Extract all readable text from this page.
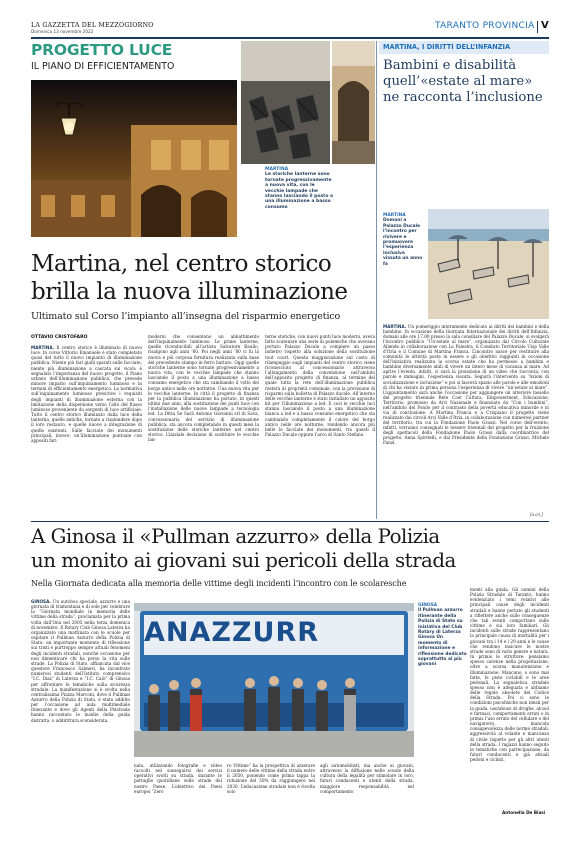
LA GAZZETTA DEL MEZZOGIORNO
Domenica 13 novembre 2022
TARANTO PROVINCIA V
PROGETTO LUCE
IL PIANO DI EFFICIENTAMENTO
MARTINA
Le storiche lanterne sono tornate progressivamente a nuova vita, con le vecchie lampade che stanno lasciando il posto a una illuminazione a basso consumo
MARTINA, I DIRITTI DELL’INFANZIA
Bambini e disabilità
quell’«estate al mare»
ne racconta l’inclusione
MARTINA
Domani a Palazzo Ducale l’incontro per rivivere e promuovere l’esperienza inclusiva vissuta un anno fa
MARTINA. Un pomeriggio interamente dedicato ai diritti dei bambini e della bambine. In occasione della Giornata Internazionale dei diritti dell’Infanzia, domani alle ore 17.00 presso la sala consiliare del Palazzo Ducale, si svolgerà l’incontro pubblico “Un’estate al mare”, organizzato dal Circolo Culturale Aliende in collaborazione con La Palestra, il Comitato Territoriale Uisp Valle d’Itria e il Comune di Martina Franca. L’incontro nasce per restituire alla comunità le attività poste in essere e gli obiettivi raggiunti in occasione dell’iniziativa realizzata la scorsa estate che ha permesso a bambini e bambine diversamente abili di vivere un intero mese di vacanza al mare. Ad aprire l’evento, infatti, ci sarà la proiezione di un video che racconta, con parole e immagini, l’esperienza vissuta. Seguirà l’intervento su “Azioni di socializzazione e inclusione” e poi si lascerà spazio alle parole e alle emozioni di chi ha vissuto in prima persona l’esperienza di vivere “un’estate al mare”. L’appuntamento sarà anche l’occasione per aggiungere un ulteriore tassello del progetto triennale Rete Cost Cultura. Empowerment, Educazione, Territorio, promosso da Arci Nazionale e finanziato da “Con i bambini”, nell’ambito del Fondo per il contrasto della povertà educativa minorile e in via di conclusione. A Martina Franca e a Crispiano il progetto viene realizzato dai circoli Arci Valle d’Itria, in collaborazione con numerosi partner del territorio, tra cui la Fondazione Paolo Grassi. Nel corso dell’evento, infatti, verranno consegnati le tessere triennali del progetto per la fruizione degli spettacoli della Fondazione Paolo Grassi dalla coordinatrice del progetto, Anna Spiritelli, e dal Presidente della Fondazione Grassi, Michele Panzi.
[a.cri.]
Martina, nel centro storico
brilla la nuova illuminazione
Ultimato sul Corso l’impianto all’insegna del risparmio energetico
OTTAVIO CRISTOFARO
MARTINA. Il centro storico è illuminato di nuovo luce. In corso Vittorio Emanuele è stato completato quasi del tutto il nuovo impianto di illuminazione pubblica. Niente più fari gialli sparati sulle facciate, niente più illuminazione a cascata sui vicoli: è segnalato l’importanza del nuovo progetto, il Piano urbano dell’illuminazione pubblica, che prevede minore impatto sull’inquinamento luminoso e in termini di efficientamento energetico. La normativa sull’inquinamento luminoso prescrive i requisiti degli impianti di illuminazione esterna con la limitazione della dispersione verso l’alto del flusso luminoso proveniente da sorgenti di luce artificiale. Tutto il centro storico illuminato dalla luce della lanterna, quelle antiche, tornate a risplendere dopo il loro restauro, e quelle nuove a integrazione di quelle esistenti. Sulle facciate dei monumenti principali, invece, un’illuminazione puntuale con appositi fari
moderni che consentono un abbattimento dell’inquinamento luminoso. Le prime lanterne, quelle riconducibili all’artista Salvatore Baulio, risalgono agli anni ’60. Poi negli anni ’80 ci fu la nuova e più corposa fornitura realizzata sulla base del precedente stampo in ferro battuto. Oggi quelle storiche lanterne sono tornate progressivamente a nuova vita, con le vecchie lampade che stanno lasciando il posto a una illuminazione a basso consumo energetico che sta cambiando il volto del borgo antico nelle ore notturne. Una nuova vita per le vecchie lanterne. In città il progetto di finanza per la pubblica illuminazione ha portato, in questi ultimi due anni, alla sostituzione dei punti luce con l’installazione delle nuove lampade a tecnologia led. La Ditta Se Sarà Antonio Giovanni srl di Sava, concessionaria del servizio di illuminazione pubblica, sta ancora completando in questi mesi la sostituzione delle storiche lanterne nel centro storico. L’iniziale decisione di sostituire le vecchie lan-
terne storiche, con nuovi punti luce moderni, aveva fatto scatenare una serie di polemiche che avevano portato Palazzo Ducale a compiere un passo indietro rispetto alla soluzione della sostituzione tout court. Questa maggiorazione sul costo di rilampeggio sugli impianti del centro storico viene riconosciuto al concessionario attraverso l’allungamento della convenzione nell’ambito dell’apposito progetto di finanza, al termine del quale tutta la rete dell’illuminazione pubblica resterà di proprietà comunale, con la previsione di risparmi sulla bolletta di Palazzo ducale. All’interno delle vecchie lanterne è stato installato un apposito kit per l’illuminazione a led. E così le vecchie luci stanno lasciando il posto a una illuminazione bianca a led e a basso consumo energetico che sta cambiando completamente il colore del borgo antico nelle ore notturne, rendendo ancora più belle le facciate dei monumenti, tra questi il Palazzo Ducale oppure l’arco di Santo Stefano.
A Ginosa il «Pullman azzurro» della Polizia
un monito ai giovani sui pericoli della strada
Nella Giornata dedicata alla memoria delle vittime degli incidenti l’incontro con le scolaresche
GINOSA. Un autobus speciale, azzurro e una giornata di tramontana e di sole per celebrare la “Giornata mondiale in memoria delle vittime della strada”, proclamata per la prima volta dall’Onu nel 2005 nella terza domenica di novembre. Il Rotary Club Ginosa Laterza ha organizzato una mattinata con le scuole per ospitare il Pullman Azzurro della Polizia di Stato: un importante momento di riflessione sui tristi e purtroppo sempre attuali fenomeni degli incidenti stradali, nonché occasione per non dimenticare chi ha perso la vita sulle strade. La Polizia di Stato, affiancata dal vice questore Francesco Salmeri, ha incontrato numerosi studenti dell’Istituto comprensivo “I.C. Diaz” di Laterza e “I.C. Calò” di Ginosa per affrontare le tematiche sulla sicurezza stradale. La manifestazione si è svolta nella centralissima Piazza Marconi, dove il Pullman Azzurro della Polizia di Stato, è stato adibito per l’occasione ad aula multimediale itinerante e dove gli Agenti della Polstrada hanno raccontato le insidie della guida distratta, o addirittura sconsiderata,
ANAZZURR
GINOSA
Il Pullman azzurro itinerante della Polizia di Stato su iniziativa del Club Rotary di Laterza Ginosa Un momento di informazione e riflessione dedicato soprattutto ai più giovani
nata, utilizzando fotografie e video raccolti nel susseguirsi dei servizi operativi svolti su strada, durante le pattuglie quotidiane sulle strade del nostro Paese. L’obiettivo dei Paesi europei “Zero
ro Vittime” ha la prospettiva di azzerare il numero delle vittime della strada entro il 2050, ponendo come prima tappa la riduzione del 50% da raggiungere nel 2030. L’educazione stradale non è rivolta solo
agli automobilisti, ma anche ai giovani, attraverso la diffusione nelle scuole della cultura della legalità per stimolare in loro, futuri conducenti e utenti della strada, maggiore responsabilità nel comportamento
menti alla guida. Gli uomini della Polizia Stradale di Taranto, hanno evidenziato i temi relativi alle principali cause degli incidenti stradali e hanno portato gli studenti a riflettere anche sulle conseguenze che tali eventi comportano sulle vittime e sui loro familiari. Gli incidenti sulle strade rappresentano la principale causa di mortalità per i giovani tra i 14 e i 29 anni e le cause che rendono insicure le nostre strade sono di vario genere e natura. In primis le strutture: pensiamo spesso carenze nella progettazione, oltre a scarsa manutenzione e illuminazione. Mancano, o sono mal fatte, le piste ciclabili e le aree pedonali. La segnaletica stradale spesso non è adeguata e abbiamo delle regole obsolete del Codice della Strada. Poi ci sono le condizioni psicofisiche non ideali per la guida, uso/abuso di droghe, alcool e farmaci, comportamenti errati o in primis l’uso errato del cellulare o del navigatore), mancata consapevolezza delle norme stradali, aggressività al volante e mancanza di civile rispetto per gli altri utenti della strada. I ragazzi hanno seguito le tematiche con partecipazione, da futuri conducenti e già attuali pedoni e ciclisti.
Antonella De Biasi
